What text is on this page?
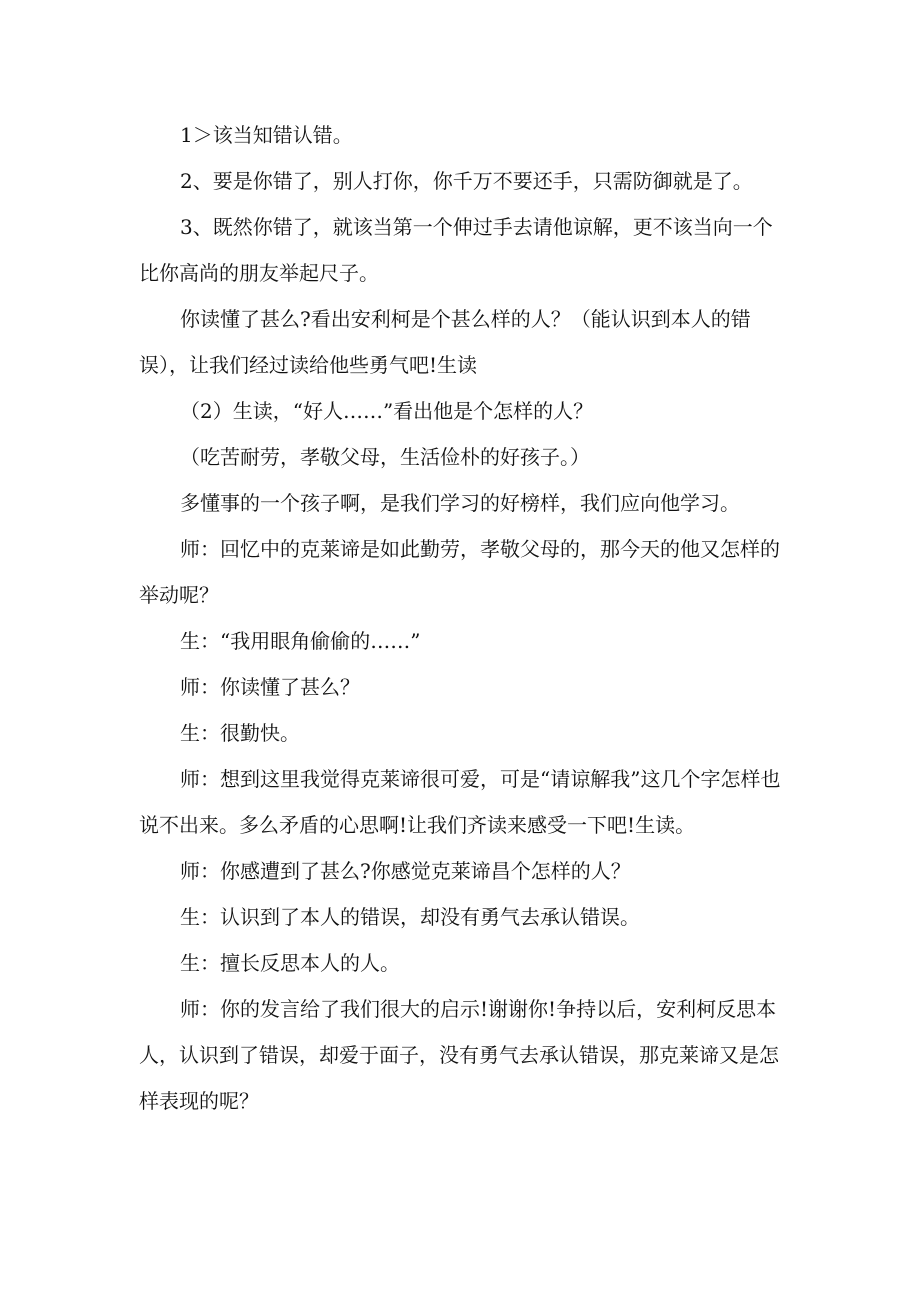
1＞该当知错认错。

2、要是你错了，别人打你，你千万不要还手，只需防御就是了。

3、既然你错了，就该当第一个伸过手去请他谅解，更不该当向一个比你高尚的朋友举起尺子。

你读懂了甚么?看出安利柯是个甚么样的人？（能认识到本人的错误），让我们经过读给他些勇气吧!生读

（2）生读，“好人……”看出他是个怎样的人？

（吃苦耐劳，孝敬父母，生活俭朴的好孩子。）

多懂事的一个孩子啊，是我们学习的好榜样，我们应向他学习。

师：回忆中的克莱谛是如此勤劳，孝敬父母的，那今天的他又怎样的举动呢？

生：“我用眼角偷偷的……”

师：你读懂了甚么？

生：很勤快。

师：想到这里我觉得克莱谛很可爱，可是“请谅解我”这几个字怎样也说不出来。多么矛盾的心思啊!让我们齐读来感受一下吧!生读。

师：你感遭到了甚么?你感觉克莱谛昌个怎样的人？

生：认识到了本人的错误，却没有勇气去承认错误。

生：擅长反思本人的人。

师：你的发言给了我们很大的启示!谢谢你!争持以后，安利柯反思本人，认识到了错误，却爱于面子，没有勇气去承认错误，那克莱谛又是怎样表现的呢？
